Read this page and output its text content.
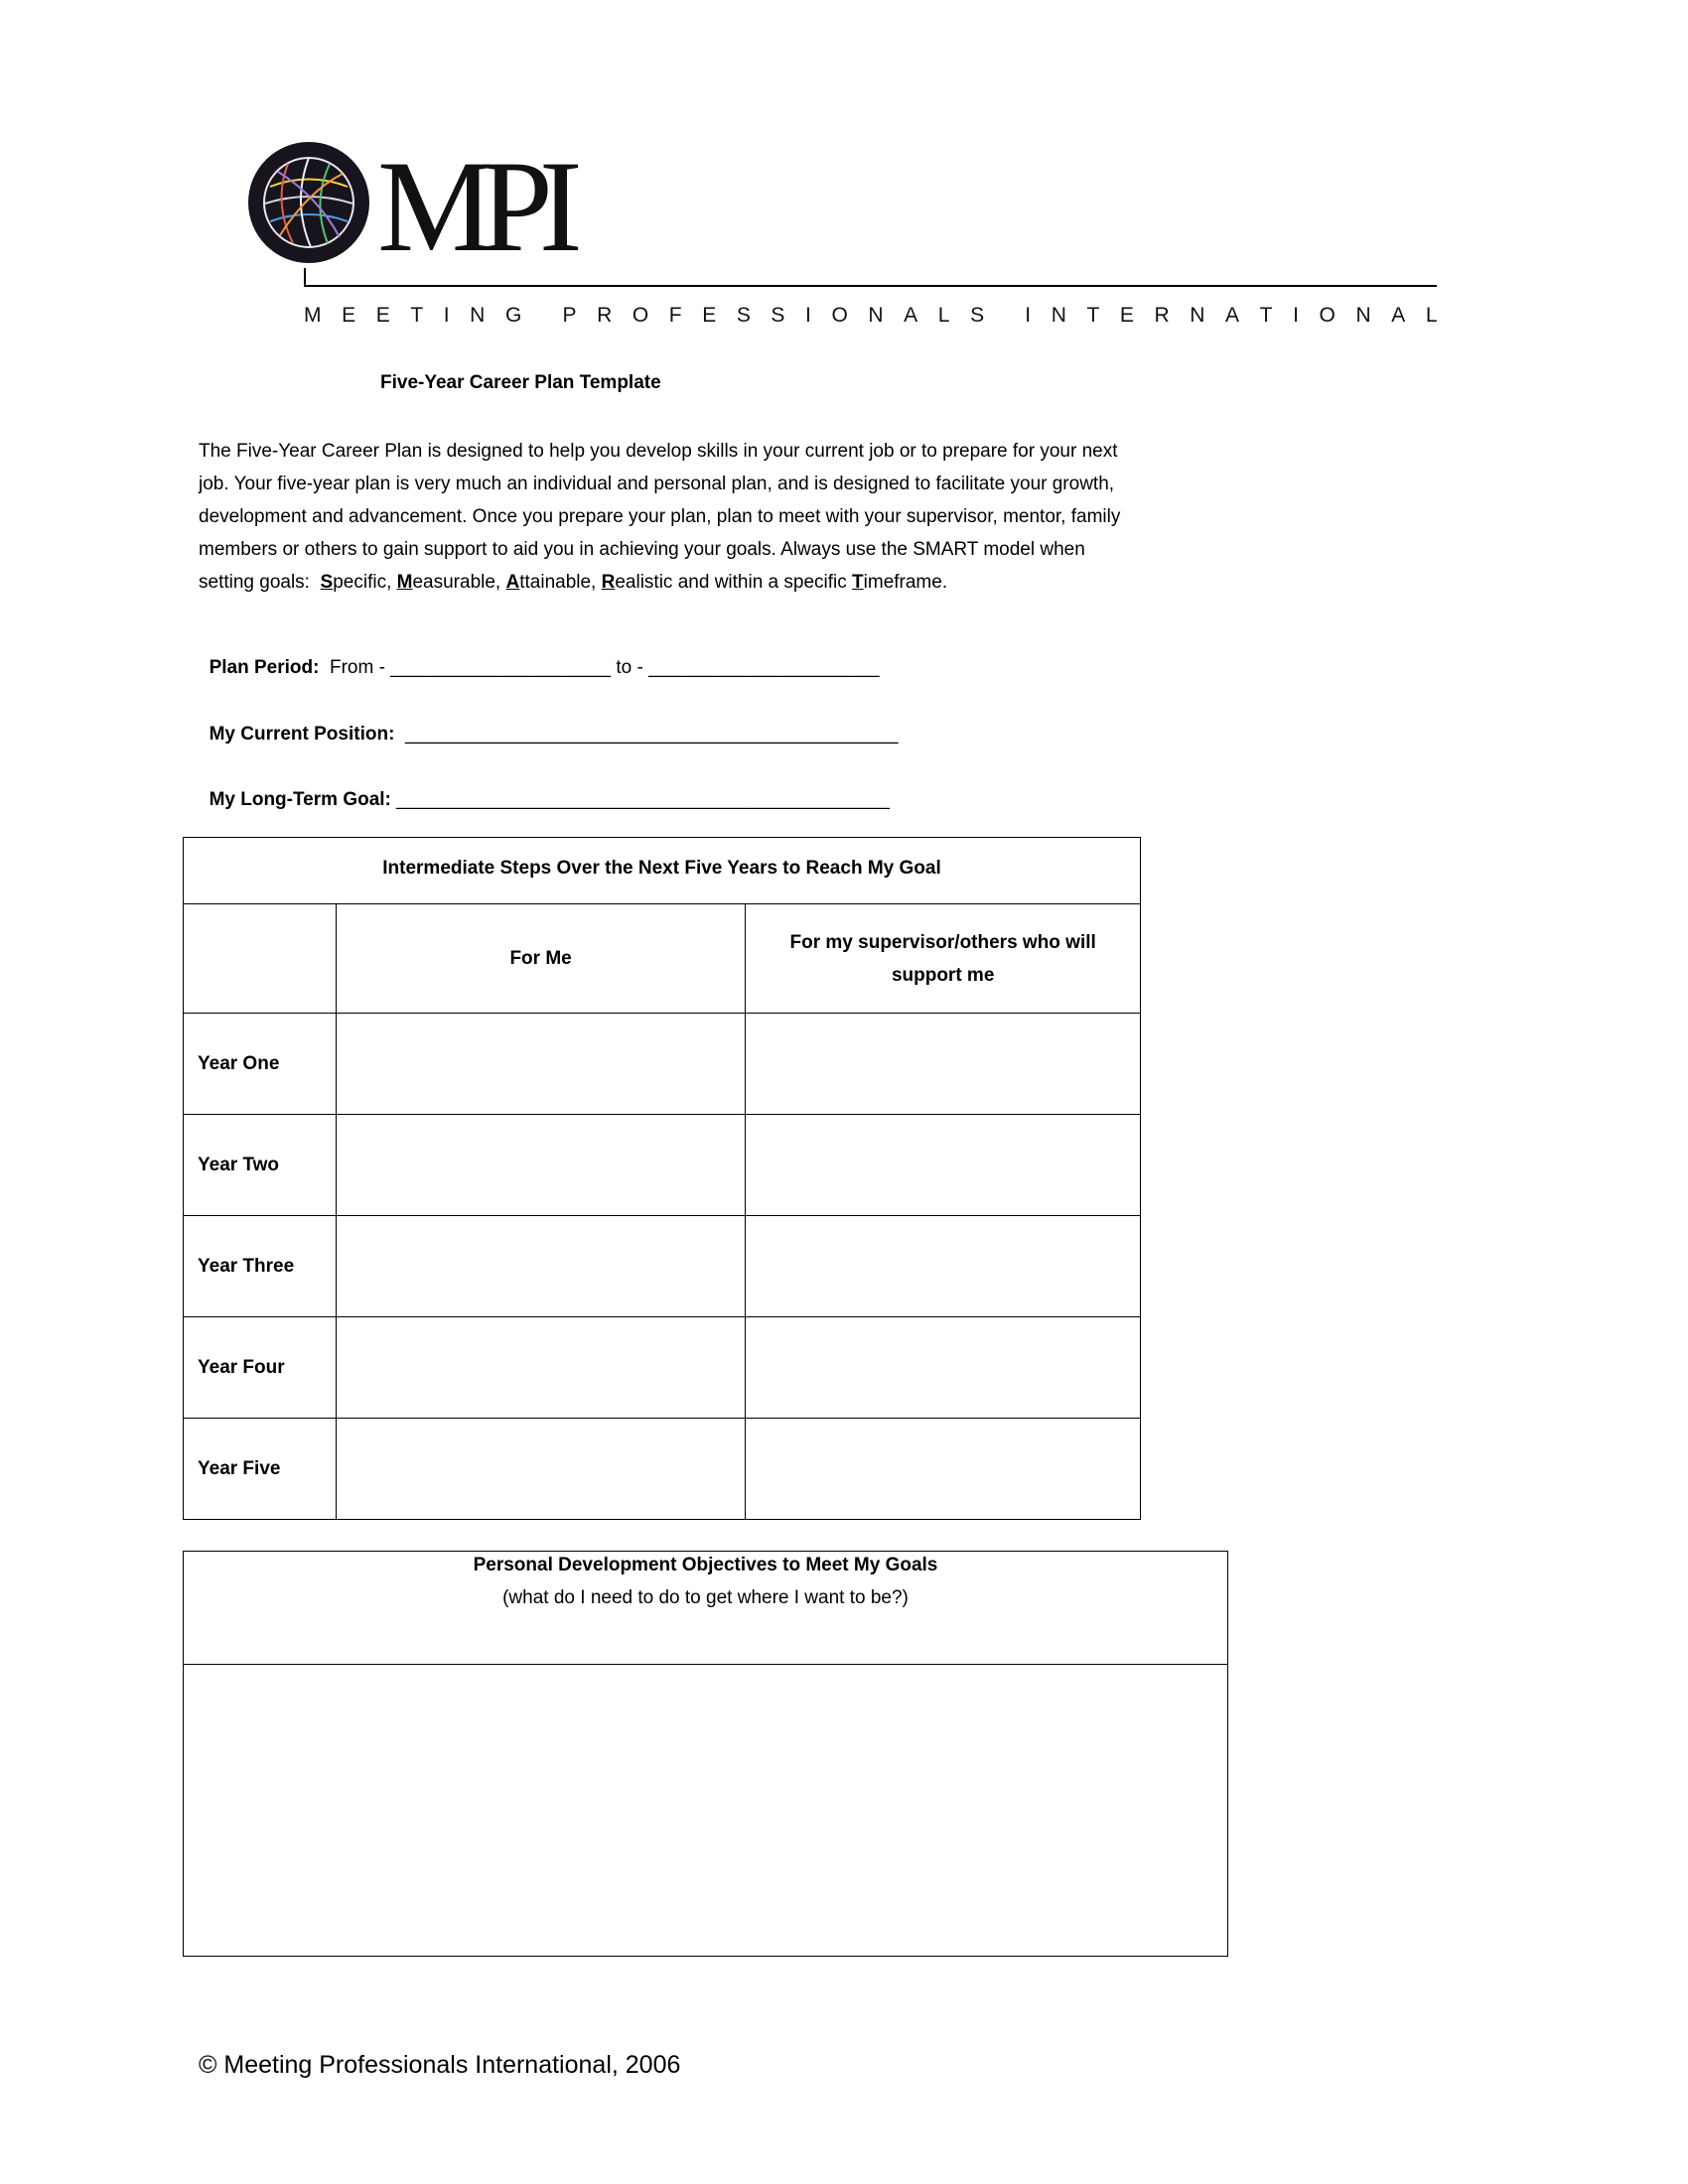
MPI
M E E T I N G P R O F E S S I O N A L S I N T E R N A T I O N A L
Five-Year Career Plan Template

The Five-Year Career Plan is designed to help you develop skills in your current job or to prepare for your next

job. Your five-year plan is very much an individual and personal plan, and is designed to facilitate your growth,

development and advancement. Once you prepare your plan, plan to meet with your supervisor, mentor, family

members or others to gain support to aid you in achieving your goals. Always use the SMART model when

setting goals:  Specific, Measurable, Attainable, Realistic and within a specific Timeframe.

Plan Period:  From - _____________________ to - ______________________

My Current Position:  _______________________________________________

My Long-Term Goal: _______________________________________________

Intermediate Steps Over the Next Five Years to Reach My Goal		
	For Me	For my supervisor/others who will
support me
Year One		
Year Two		
Year Three		
Year Four		
Year Five		
Personal Development Objectives to Meet My Goals
(what do I need to do to get where I want to be?)
© Meeting Professionals International, 2006
